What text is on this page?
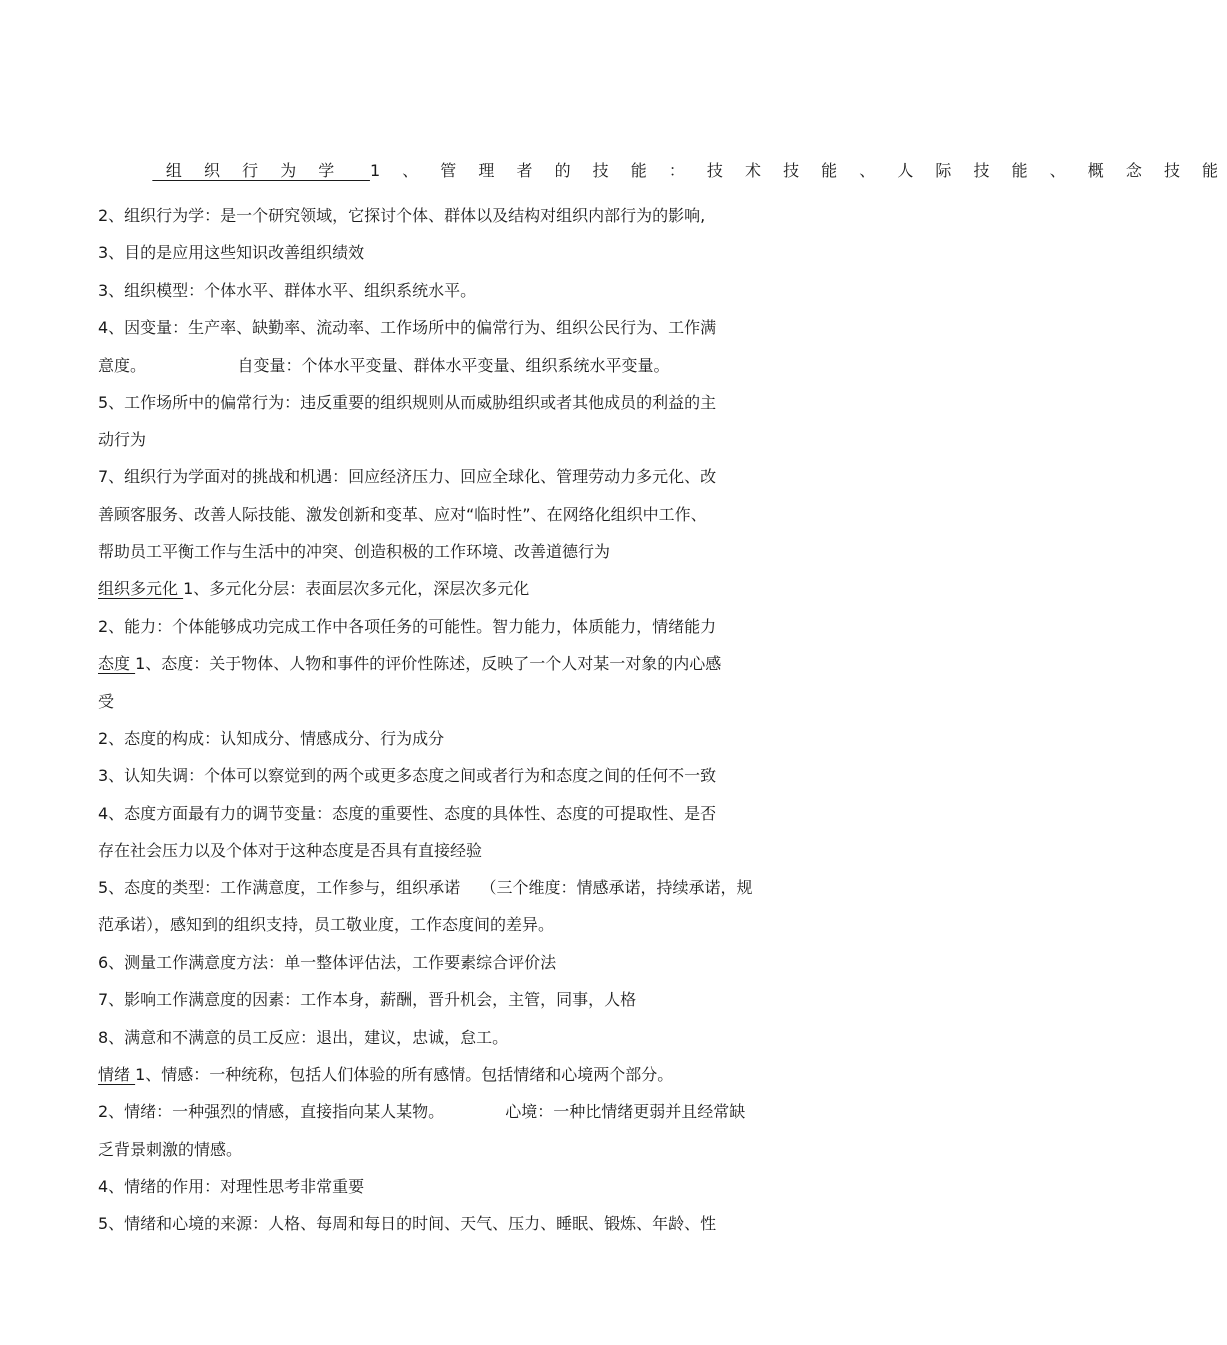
组 织 行 为 学  1 、 管 理 者 的 技 能 ： 技 术 技 能 、 人 际 技 能 、 概 念 技 能

2、组织行为学：是一个研究领域，它探讨个体、群体以及结构对组织内部行为的影响,
3、目的是应用这些知识改善组织绩效
3、组织模型：个体水平、群体水平、组织系统水平。
4、因变量：生产率、缺勤率、流动率、工作场所中的偏常行为、组织公民行为、工作满
意度。                  自变量：个体水平变量、群体水平变量、组织系统水平变量。
5、工作场所中的偏常行为：违反重要的组织规则从而威胁组织或者其他成员的利益的主
动行为
7、组织行为学面对的挑战和机遇：回应经济压力、回应全球化、管理劳动力多元化、改
善顾客服务、改善人际技能、激发创新和变革、应对“临时性”、在网络化组织中工作、
帮助员工平衡工作与生活中的冲突、创造积极的工作环境、改善道德行为
组织多元化 1、多元化分层：表面层次多元化，深层次多元化
2、能力：个体能够成功完成工作中各项任务的可能性。智力能力，体质能力，情绪能力
态度 1、态度：关于物体、人物和事件的评价性陈述，反映了一个人对某一对象的内心感
受
2、态度的构成：认知成分、情感成分、行为成分
3、认知失调：个体可以察觉到的两个或更多态度之间或者行为和态度之间的任何不一致
4、态度方面最有力的调节变量：态度的重要性、态度的具体性、态度的可提取性、是否
存在社会压力以及个体对于这种态度是否具有直接经验
5、态度的类型：工作满意度，工作参与，组织承诺    （三个维度：情感承诺，持续承诺，规
范承诺），感知到的组织支持，员工敬业度，工作态度间的差异。
6、测量工作满意度方法：单一整体评估法，工作要素综合评价法
7、影响工作满意度的因素：工作本身，薪酬，晋升机会，主管，同事，人格
8、满意和不满意的员工反应：退出，建议，忠诚，怠工。
情绪 1、情感：一种统称，包括人们体验的所有感情。包括情绪和心境两个部分。
2、情绪：一种强烈的情感，直接指向某人某物。            心境：一种比情绪更弱并且经常缺
乏背景刺激的情感。
4、情绪的作用：对理性思考非常重要
5、情绪和心境的来源：人格、每周和每日的时间、天气、压力、睡眠、锻炼、年龄、性
